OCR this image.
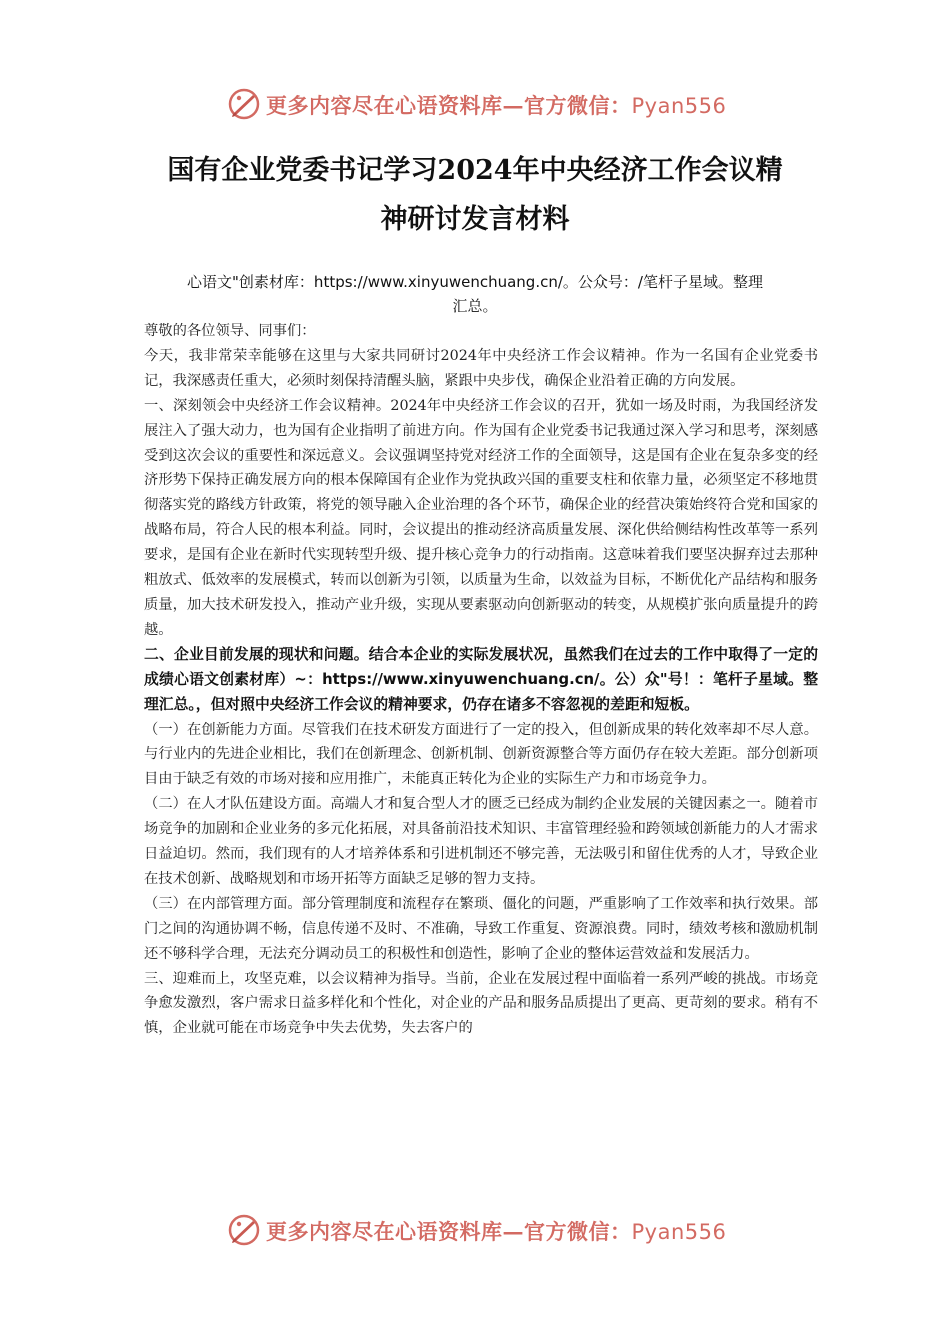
更多内容尽在心语资料库—官方微信：Pyan556
国有企业党委书记学习2024年中央经济工作会议精
神研讨发言材料
心语文"创素材库：https://www.xinyuwenchuang.cn/。公众号：/笔杆子星域。整理
汇总。

尊敬的各位领导、同事们：

今天，我非常荣幸能够在这里与大家共同研讨2024年中央经济工作会议精神。作为一名国有企业党委书记，我深感责任重大，必须时刻保持清醒头脑，紧跟中央步伐，确保企业沿着正确的方向发展。

一、深刻领会中央经济工作会议精神。2024年中央经济工作会议的召开，犹如一场及时雨，为我国经济发展注入了强大动力，也为国有企业指明了前进方向。作为国有企业党委书记我通过深入学习和思考，深刻感受到这次会议的重要性和深远意义。会议强调坚持党对经济工作的全面领导，这是国有企业在复杂多变的经济形势下保持正确发展方向的根本保障国有企业作为党执政兴国的重要支柱和依靠力量，必须坚定不移地贯彻落实党的路线方针政策，将党的领导融入企业治理的各个环节，确保企业的经营决策始终符合党和国家的战略布局，符合人民的根本利益。同时，会议提出的推动经济高质量发展、深化供给侧结构性改革等一系列要求，是国有企业在新时代实现转型升级、提升核心竞争力的行动指南。这意味着我们要坚决摒弃过去那种粗放式、低效率的发展模式，转而以创新为引领，以质量为生命，以效益为目标，不断优化产品结构和服务质量，加大技术研发投入，推动产业升级，实现从要素驱动向创新驱动的转变，从规模扩张向质量提升的跨越。

二、企业目前发展的现状和问题。结合本企业的实际发展状况，虽然我们在过去的工作中取得了一定的成绩心语文创素材库）~：https://www.xinyuwenchuang.cn/。公）众"号！：笔杆子星域。整理汇总。，但对照中央经济工作会议的精神要求，仍存在诸多不容忽视的差距和短板。

（一）在创新能力方面。尽管我们在技术研发方面进行了一定的投入，但创新成果的转化效率却不尽人意。与行业内的先进企业相比，我们在创新理念、创新机制、创新资源整合等方面仍存在较大差距。部分创新项目由于缺乏有效的市场对接和应用推广，未能真正转化为企业的实际生产力和市场竞争力。

（二）在人才队伍建设方面。高端人才和复合型人才的匮乏已经成为制约企业发展的关键因素之一。随着市场竞争的加剧和企业业务的多元化拓展，对具备前沿技术知识、丰富管理经验和跨领域创新能力的人才需求日益迫切。然而，我们现有的人才培养体系和引进机制还不够完善，无法吸引和留住优秀的人才，导致企业在技术创新、战略规划和市场开拓等方面缺乏足够的智力支持。

（三）在内部管理方面。部分管理制度和流程存在繁琐、僵化的问题，严重影响了工作效率和执行效果。部门之间的沟通协调不畅，信息传递不及时、不准确，导致工作重复、资源浪费。同时，绩效考核和激励机制还不够科学合理，无法充分调动员工的积极性和创造性，影响了企业的整体运营效益和发展活力。

三、迎难而上，攻坚克难，以会议精神为指导。当前，企业在发展过程中面临着一系列严峻的挑战。市场竞争愈发激烈，客户需求日益多样化和个性化，对企业的产品和服务品质提出了更高、更苛刻的要求。稍有不慎，企业就可能在市场竞争中失去优势，失去客户的

更多内容尽在心语资料库—官方微信：Pyan556
